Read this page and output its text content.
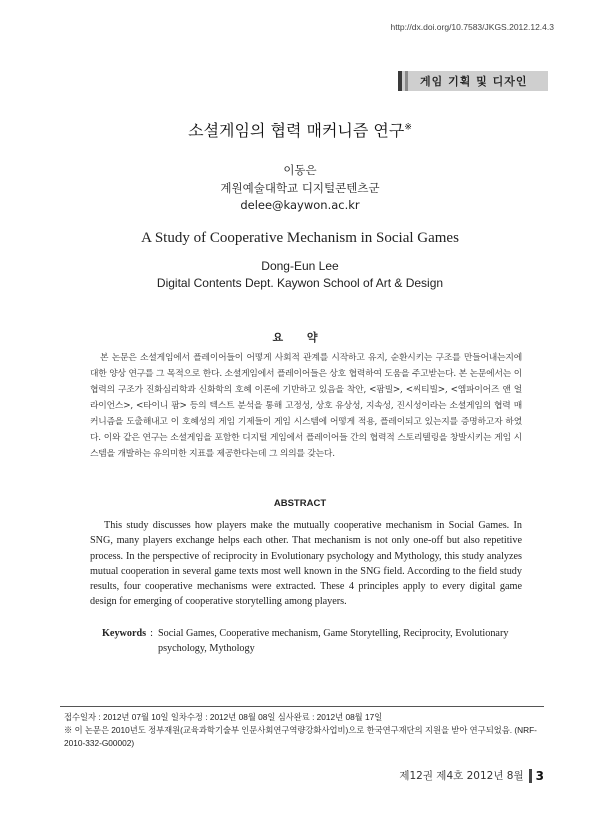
http://dx.doi.org/10.7583/JKGS.2012.12.4.3
게임 기획 및 디자인
소셜게임의 협력 매커니즘 연구※
이동은
계원예술대학교 디지털콘텐츠군
delee@kaywon.ac.kr
A Study of Cooperative Mechanism in Social Games
Dong-Eun Lee
Digital Contents Dept. Kaywon School of Art & Design
요 약

본 논문은 소셜게임에서 플레이어들이 어떻게 사회적 관계를 시작하고 유지, 순환시키는 구조를 만들어내는지에 대한 양상 연구를 그 목적으로 한다. 소셜게임에서 플레이어들은 상호 협력하여 도움을 주고받는다. 본 논문에서는 이 협력의 구조가 진화심리학과 신화학의 호혜 이론에 기반하고 있음을 착안, <팜빌>, <씨티빌>, <엠파이어즈 앤 얼라이언스>, <타이니 팜> 등의 텍스트 분석을 통해 고정성, 상호 유상성, 지속성, 진시성이라는 소셜게임의 협력 매커니즘을 도출해내고 이 호혜성의 게임 기제들이 게임 시스템에 어떻게 적용, 플레이되고 있는지를 증명하고자 하였다. 이와 같은 연구는 소셜게임을 포함한 디지털 게임에서 플레이어들 간의 협력적 스토리텔링을 창발시키는 게임 시스템을 개발하는 유의미한 지표를 제공한다는데 그 의의를 갖는다.

ABSTRACT

This study discusses how players make the mutually cooperative mechanism in Social Games. In SNG, many players exchange helps each other. That mechanism is not only one-off but also repetitive process. In the perspective of reciprocity in Evolutionary psychology and Mythology, this study analyzes mutual cooperation in several game texts most well known in the SNG field. According to the field study results, four cooperative mechanisms were extracted. These 4 principles apply to every digital game design for emerging of cooperative storytelling among players.

Keywords : Social Games, Cooperative mechanism, Game Storytelling, Reciprocity, Evolutionary psychology, Mythology
접수일자 : 2012년 07월 10일 일차수정 : 2012년 08월 08일 심사완료 : 2012년 08월 17일
※ 이 논문은 2010년도 정부재원(교육과학기술부 인문사회연구역량강화사업비)으로 한국연구재단의 지원을 받아 연구되었음. (NRF-2010-332-G00002)
제12권 제4호 2012년 8월 3
